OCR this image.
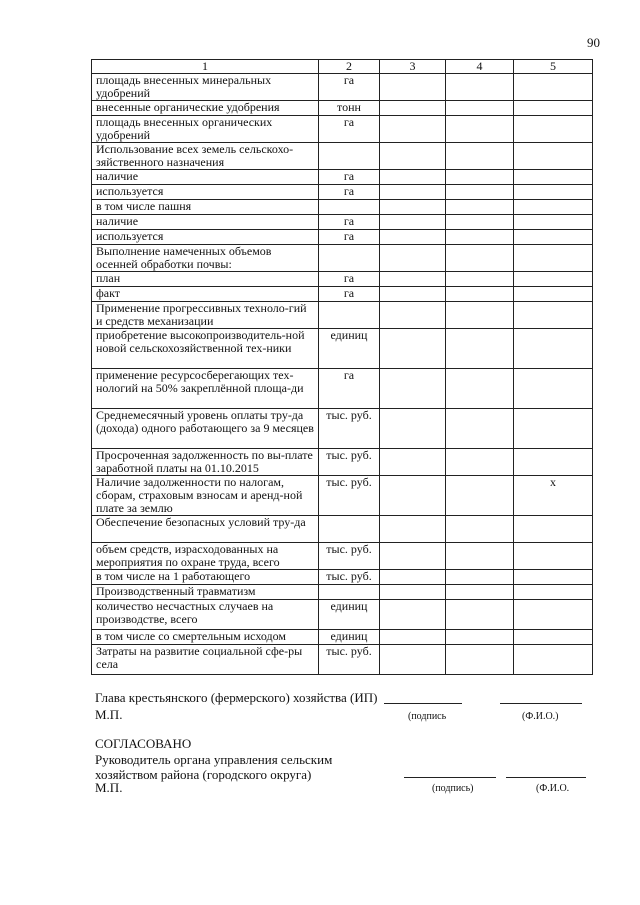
90
1	2	3	4	5
площадь внесенных минеральных удобрений	га			
внесенные органические удобрения	тонн			
площадь внесенных органических удобрений	га			
Использование всех земель сельскохо-зяйственного назначения				
наличие	га			
используется	га			
в том числе пашня				
наличие	га			
используется	га			
Выполнение намеченных объемов осенней обработки почвы:				
план	га			
факт	га			
Применение прогрессивных техноло-гий и средств механизации				
приобретение высокопроизводитель-ной новой сельскохозяйственной тех-ники	единиц			
применение ресурсосберегающих тех-нологий на 50% закреплённой площа-ди	га			
Среднемесячный уровень оплаты тру-да (дохода) одного работающего за 9 месяцев	тыс. руб.			
Просроченная задолженность по вы-плате заработной платы на 01.10.2015	тыс. руб.			
Наличие задолженности по налогам, сборам, страховым взносам и аренд-ной плате за землю	тыс. руб.			х
Обеспечение безопасных условий тру-да				
объем средств, израсходованных на мероприятия по охране труда, всего	тыс. руб.			
в том числе на 1 работающего	тыс. руб.			
Производственный травматизм				
количество несчастных случаев на производстве, всего	единиц			
в том числе со смертельным исходом	единиц			
Затраты на развитие социальной сфе-ры села	тыс. руб.			
Глава крестьянского (фермерского) хозяйства (ИП)
М.П.	(подпись	(Ф.И.О.)
СОГЛАСОВАНО
Руководитель органа управления сельским
хозяйством района (городского округа)
М.П.	(подпись)	(Ф.И.О.
